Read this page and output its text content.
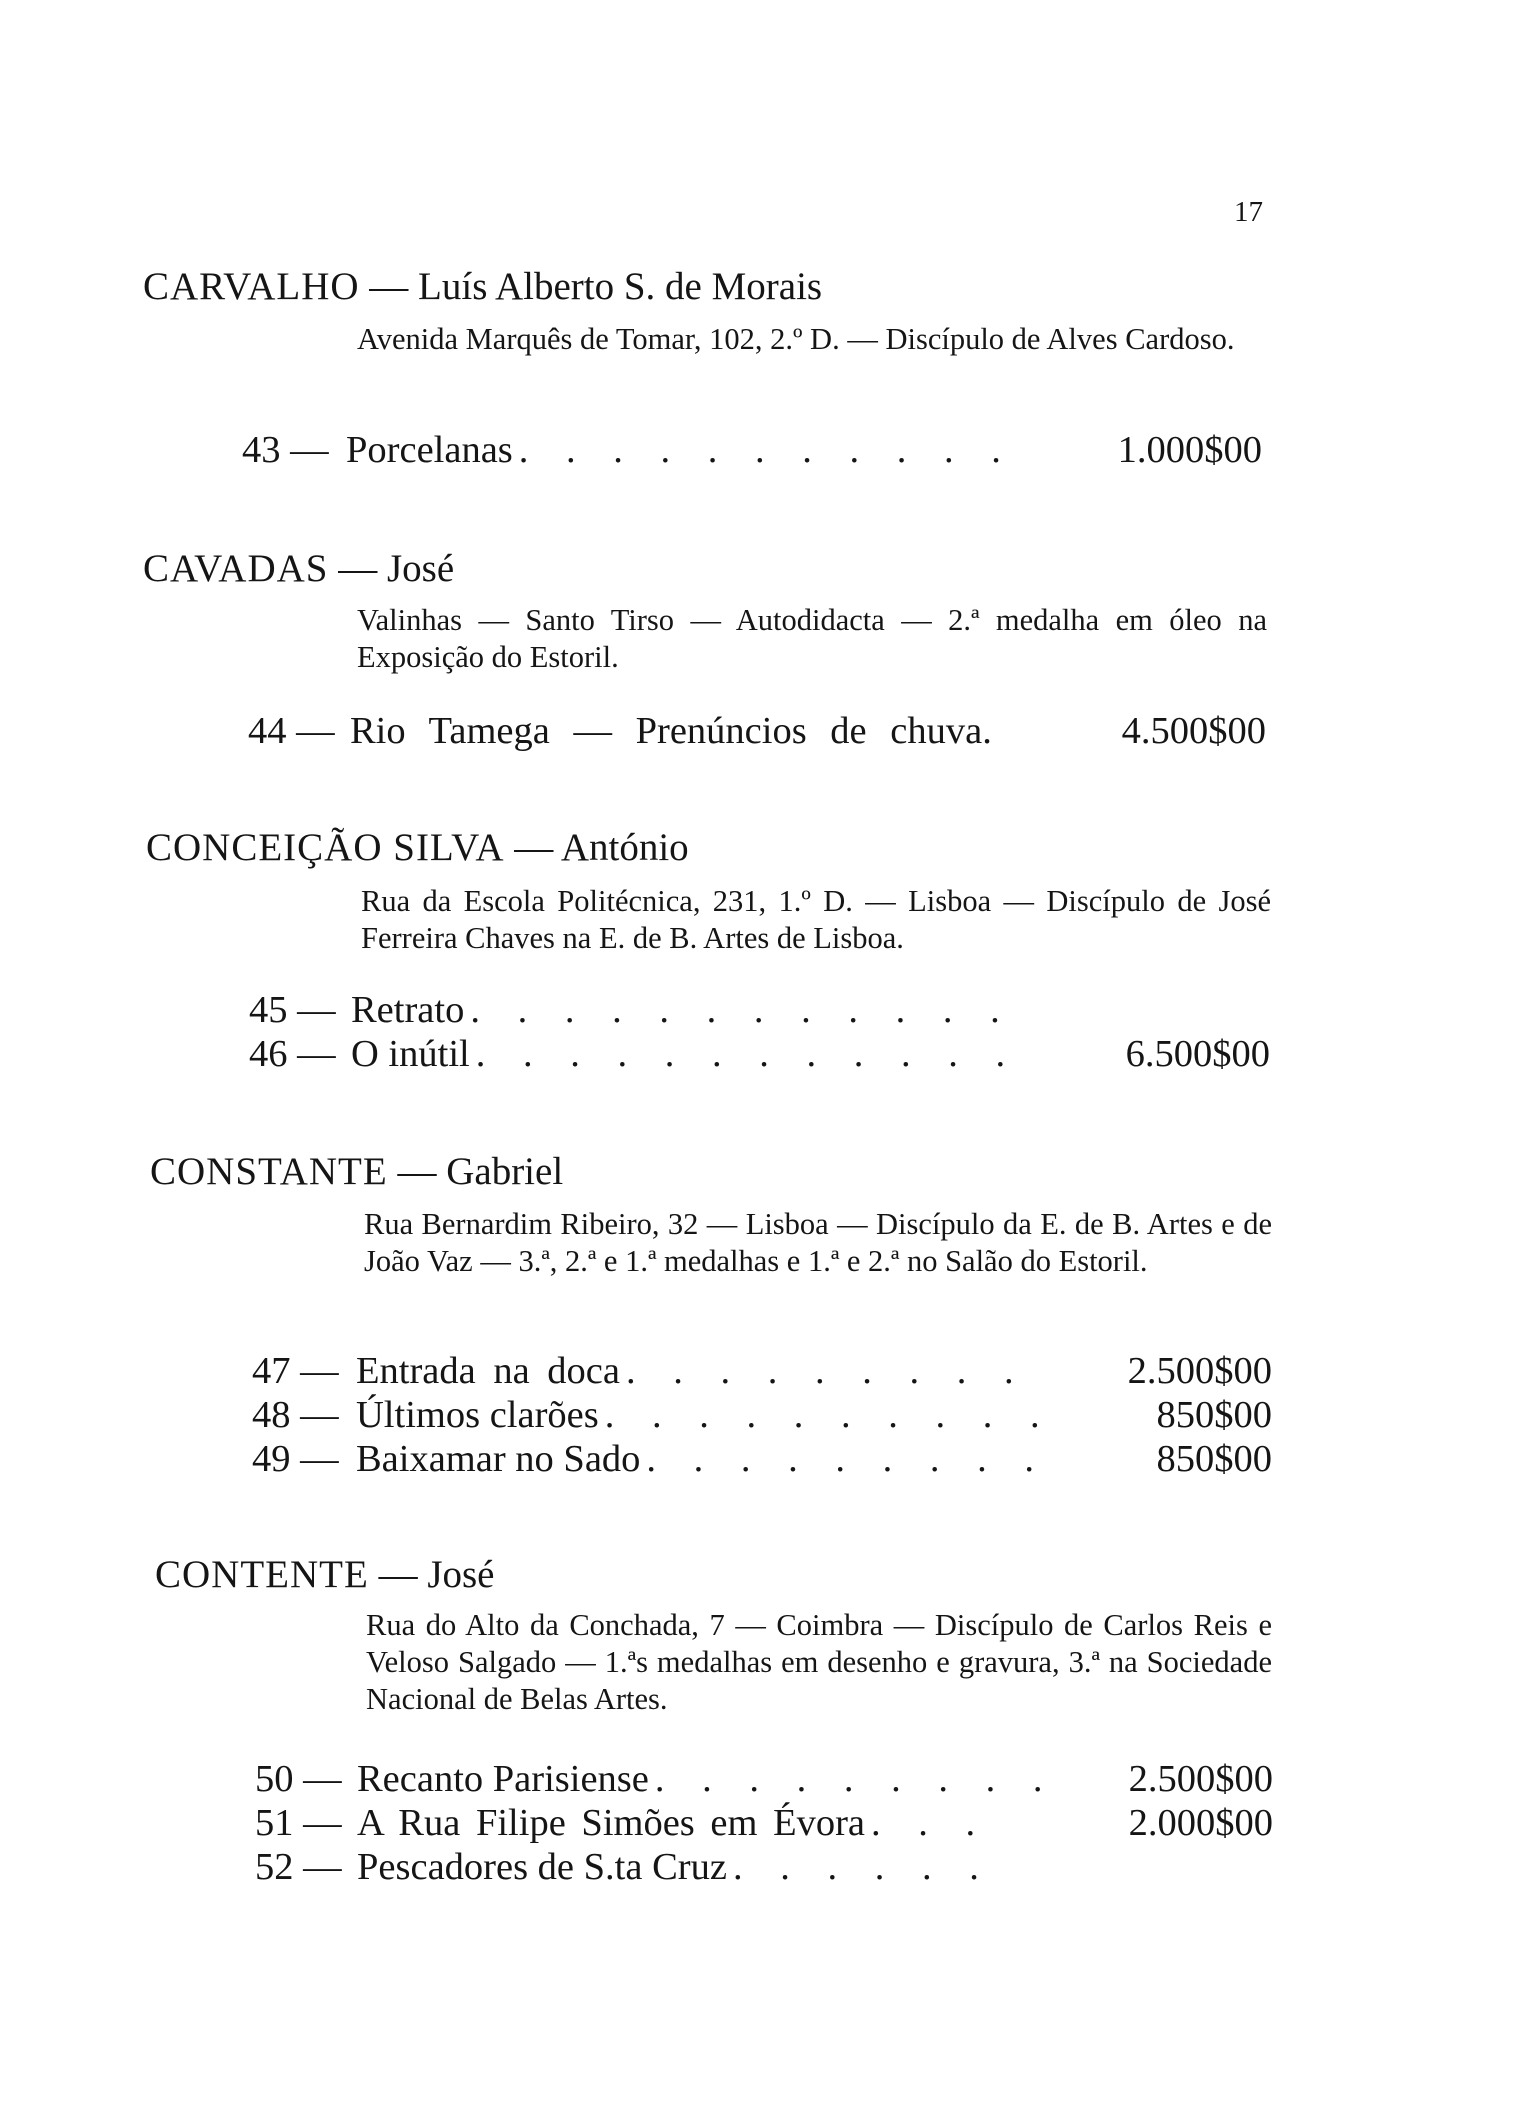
17
CARVALHO — Luís Alberto S. de Morais
Avenida Marquês de Tomar, 102, 2.º D. — Discípulo de Alves Cardoso.
43 — Porcelanas . . . . . . . . . . .	1.000$00
CAVADAS — José
Valinhas — Santo Tirso — Autodidacta — 2.ª medalha em óleo na Exposição do Estoril.
44 — Rio Tamega — Prenúncios de chuva.	4.500$00
CONCEIÇÃO SILVA — António
Rua da Escola Politécnica, 231, 1.º D. — Lisboa — Discípulo de José Ferreira Chaves na E. de B. Artes de Lisboa.
45 — Retrato . . . . . . . . . . . .
46 — O inútil . . . . . . . . . . . .	6.500$00
CONSTANTE — Gabriel
Rua Bernardim Ribeiro, 32 — Lisboa — Discípulo da E. de B. Artes e de João Vaz — 3.ª, 2.ª e 1.ª medalhas e 1.ª e 2.ª no Salão do Estoril.
47 — Entrada na doca . . . . . . . . .	2.500$00
48 — Últimos clarões . . . . . . . . . .	850$00
49 — Baixamar no Sado . . . . . . . . .	850$00
CONTENTE — José
Rua do Alto da Conchada, 7 — Coimbra — Discípulo de Carlos Reis e Veloso Salgado — 1.ªs medalhas em desenho e gravura, 3.ª na Sociedade Nacional de Belas Artes.
50 — Recanto Parisiense . . . . . . . . . 2.500$00
51 — A Rua Filipe Simões em Évora . . .	2.000$00
52 — Pescadores de S.ta Cruz . . . . . .
